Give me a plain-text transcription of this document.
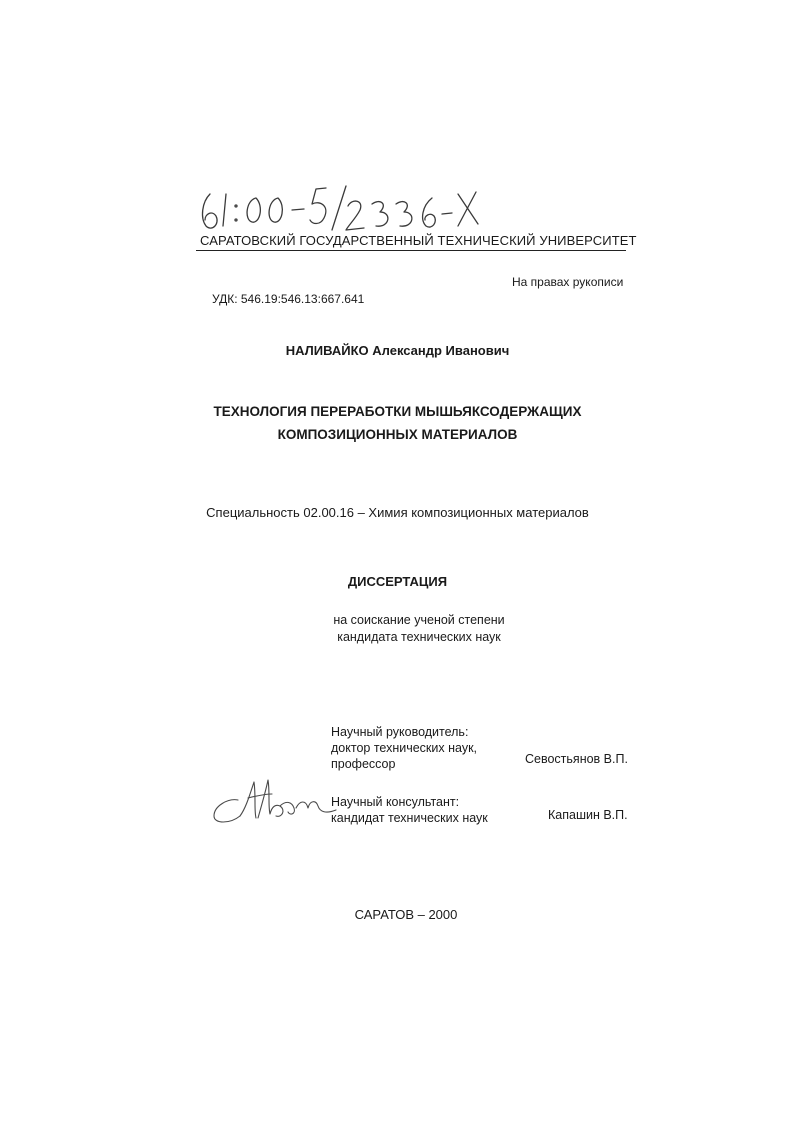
САРАТОВСКИЙ ГОСУДАРСТВЕННЫЙ ТЕХНИЧЕСКИЙ УНИВЕРСИТЕТ
На правах рукописи
УДК: 546.19:546.13:667.641
НАЛИВАЙКО Александр Иванович
ТЕХНОЛОГИЯ ПЕРЕРАБОТКИ МЫШЬЯКСОДЕРЖАЩИХ
КОМПОЗИЦИОННЫХ МАТЕРИАЛОВ
Специальность 02.00.16 – Химия композиционных материалов
ДИССЕРТАЦИЯ
на соискание ученой степени
кандидата технических наук
Научный руководитель:
доктор технических наук,
профессор	Севостьянов В.П.
Научный консультант:
кандидат технических наук	Капашин В.П.
САРАТОВ – 2000
